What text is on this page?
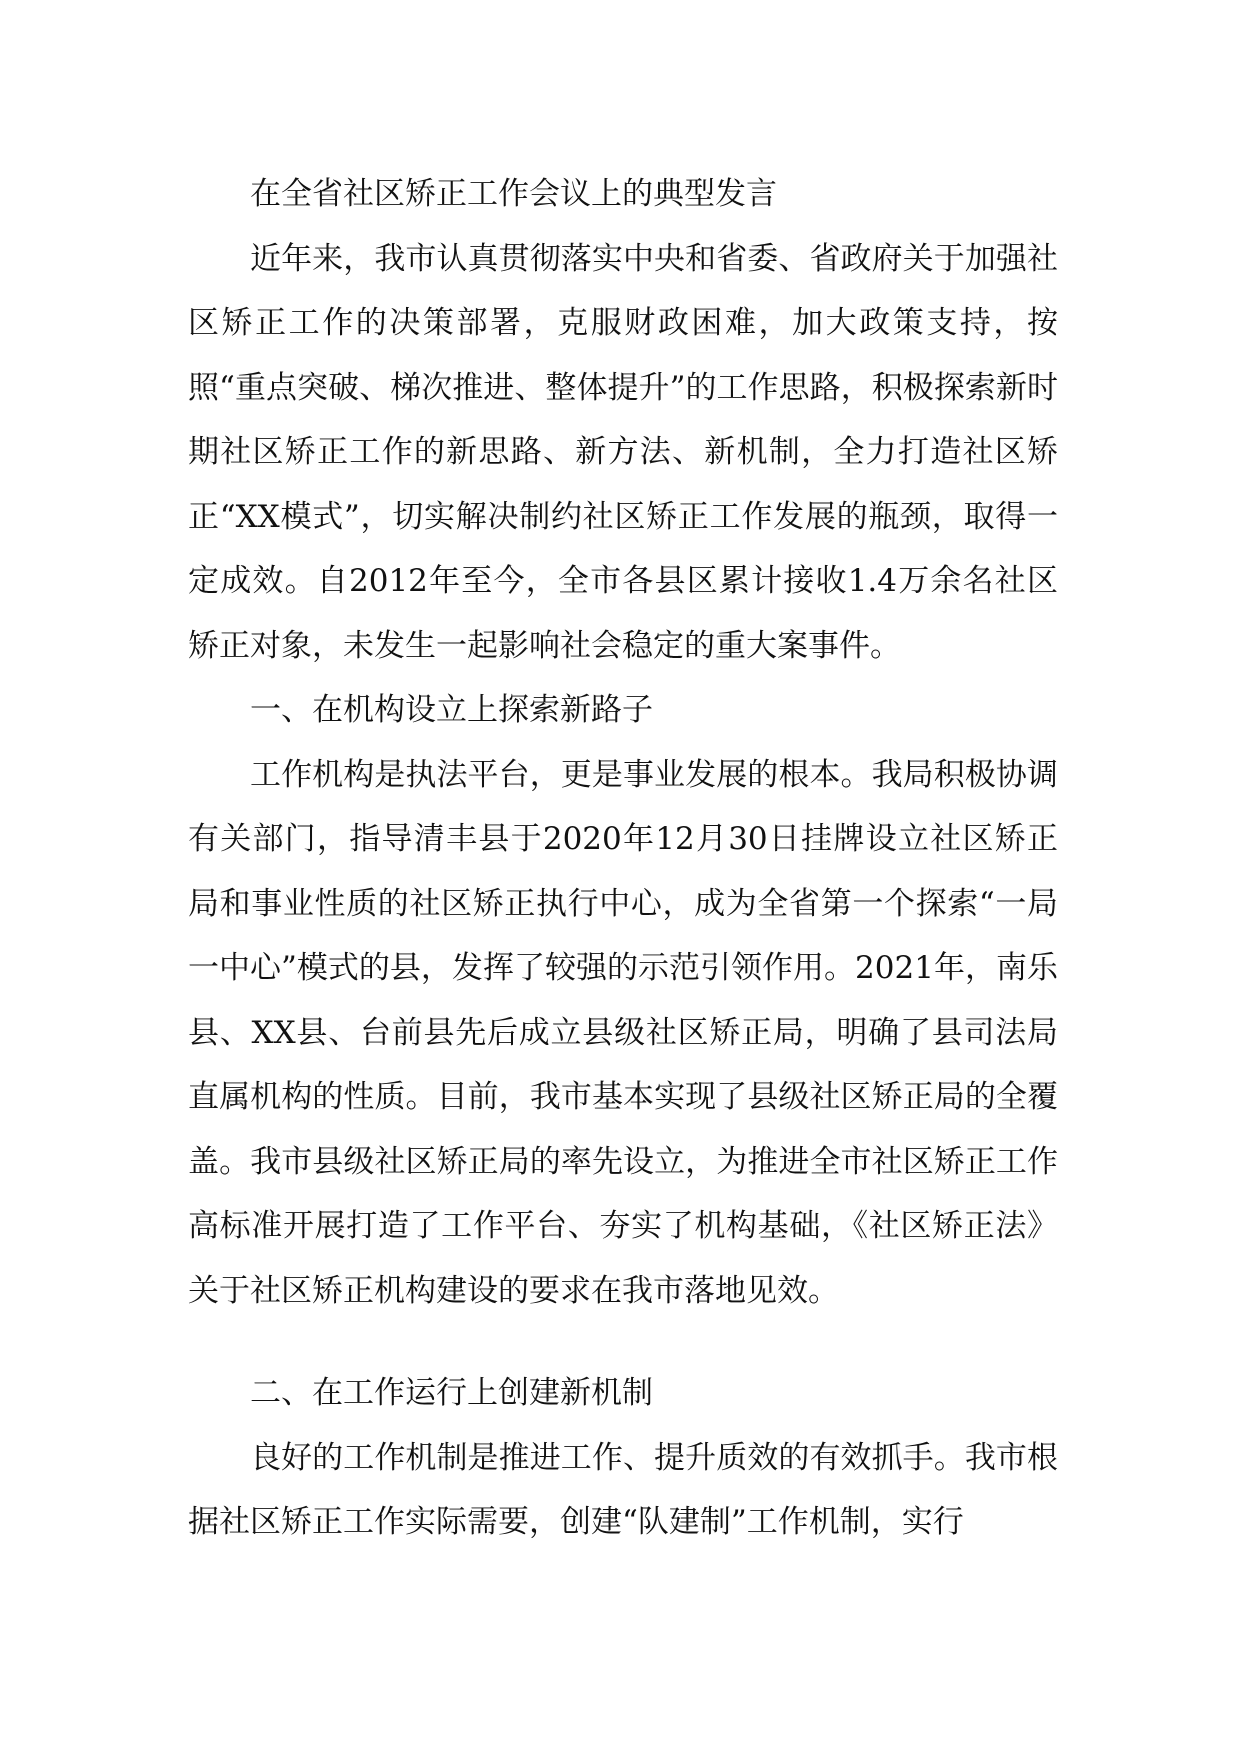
在全省社区矫正工作会议上的典型发言

近年来，我市认真贯彻落实中央和省委、省政府关于加强社区矫正工作的决策部署，克服财政困难，加大政策支持，按照“重点突破、梯次推进、整体提升”的工作思路，积极探索新时期社区矫正工作的新思路、新方法、新机制，全力打造社区矫正“XX模式”，切实解决制约社区矫正工作发展的瓶颈，取得一定成效。自2012年至今，全市各县区累计接收1.4万余名社区矫正对象，未发生一起影响社会稳定的重大案事件。

一、在机构设立上探索新路子

工作机构是执法平台，更是事业发展的根本。我局积极协调有关部门，指导清丰县于2020年12月30日挂牌设立社区矫正局和事业性质的社区矫正执行中心，成为全省第一个探索“一局一中心”模式的县，发挥了较强的示范引领作用。2021年，南乐县、XX县、台前县先后成立县级社区矫正局，明确了县司法局直属机构的性质。目前，我市基本实现了县级社区矫正局的全覆盖。我市县级社区矫正局的率先设立，为推进全市社区矫正工作高标准开展打造了工作平台、夯实了机构基础，《社区矫正法》关于社区矫正机构建设的要求在我市落地见效。

二、在工作运行上创建新机制

良好的工作机制是推进工作、提升质效的有效抓手。我市根据社区矫正工作实际需要，创建“队建制”工作机制，实行
